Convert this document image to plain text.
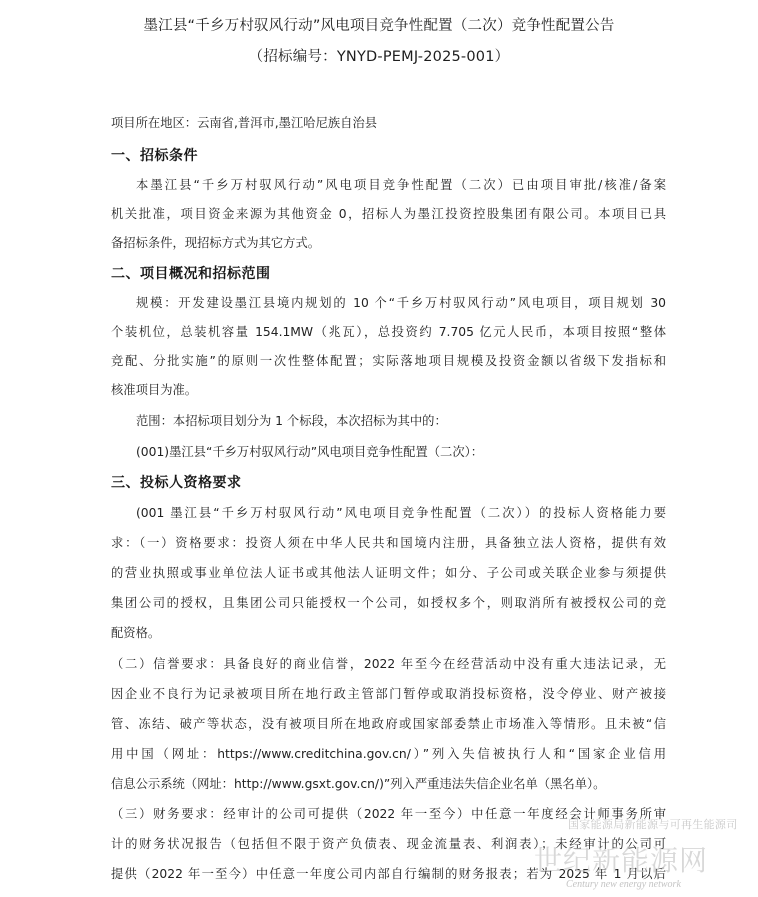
墨江县“千乡万村驭风行动”风电项目竞争性配置（二次）竞争性配置公告
（招标编号：YNYD-PEMJ-2025-001）
项目所在地区：云南省,普洱市,墨江哈尼族自治县
一、招标条件
本墨江县“千乡万村驭风行动”风电项目竞争性配置（二次）已由项目审批/核准/备案
机关批准，项目资金来源为其他资金 0，招标人为墨江投资控股集团有限公司。本项目已具
备招标条件，现招标方式为其它方式。
二、项目概况和招标范围
规模：开发建设墨江县境内规划的 10 个“千乡万村驭风行动”风电项目，项目规划 30
个装机位，总装机容量 154.1MW（兆瓦），总投资约 7.705 亿元人民币，本项目按照“整体
竞配、分批实施”的原则一次性整体配置；实际落地项目规模及投资金额以省级下发指标和
核准项目为准。
范围：本招标项目划分为 1 个标段，本次招标为其中的：
(001)墨江县“千乡万村驭风行动”风电项目竞争性配置（二次）：
三、投标人资格要求
(001 墨江县“千乡万村驭风行动”风电项目竞争性配置（二次））的投标人资格能力要
求：（一）资格要求：投资人须在中华人民共和国境内注册，具备独立法人资格，提供有效
的营业执照或事业单位法人证书或其他法人证明文件；如分、子公司或关联企业参与须提供
集团公司的授权，且集团公司只能授权一个公司，如授权多个，则取消所有被授权公司的竞
配资格。
（二）信誉要求：具备良好的商业信誉，2022 年至今在经营活动中没有重大违法记录，无
因企业不良行为记录被项目所在地行政主管部门暂停或取消投标资格，没令停业、财产被接
管、冻结、破产等状态，没有被项目所在地政府或国家部委禁止市场准入等情形。且未被“信
用中国（网址：https://www.creditchina.gov.cn/）”列入失信被执行人和“国家企业信用
信息公示系统（网址：http://www.gsxt.gov.cn/)”列入严重违法失信企业名单（黑名单）。
（三）财务要求：经审计的公司可提供（2022 年一至今）中任意一年度经会计师事务所审
计的财务状况报告（包括但不限于资产负债表、现金流量表、利润表）；未经审计的公司可
提供（2022 年一至今）中任意一年度公司内部自行编制的财务报表；若为 2025 年 1 月以后
国家能源局新能源与可再生能源司
世纪新能源网
Century new energy network
